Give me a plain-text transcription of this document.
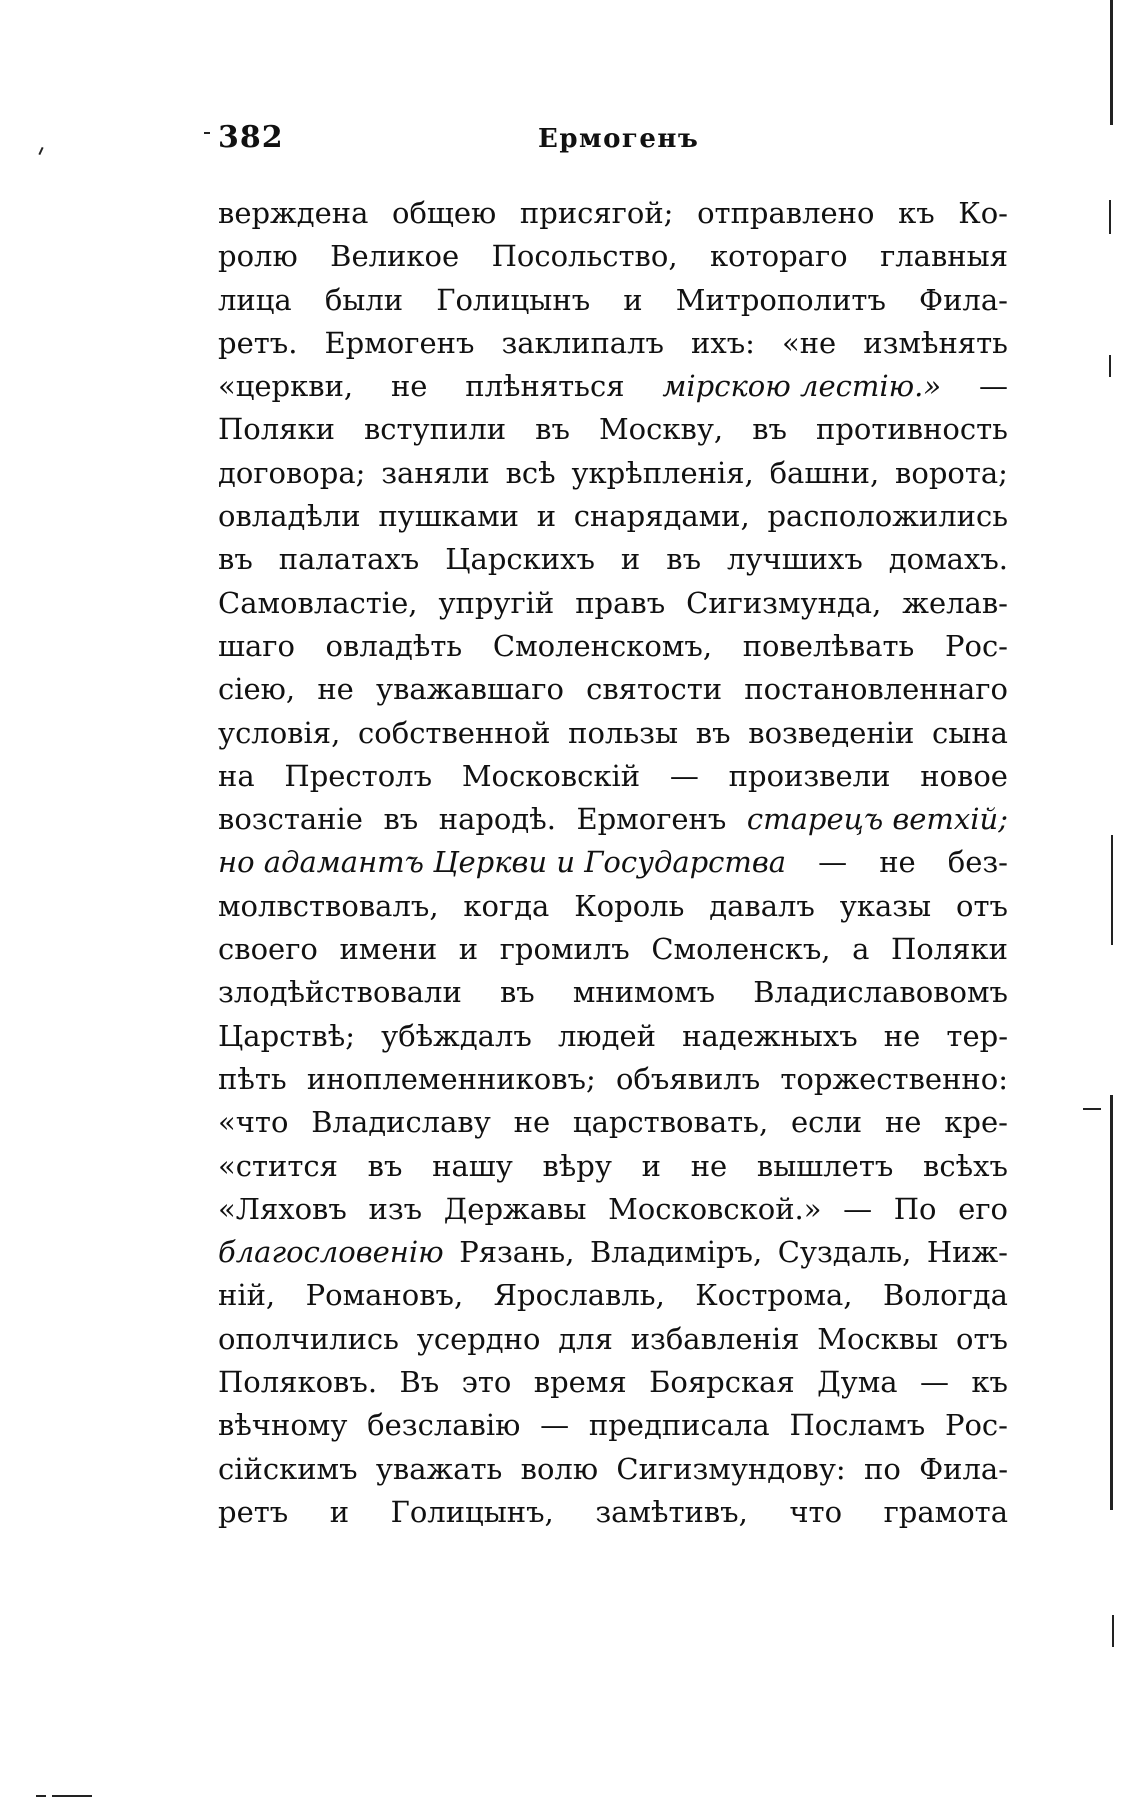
382	Ермогенъ
вержденa общею присягой; отправлено къ Ко-
ролю Великое Посольство, котораго главныя
лица были Голицынъ и Митрополитъ Фила-
ретъ. Ермогенъ заклипалъ ихъ: «не измѣнять
«церкви, не плѣняться мірскою лестію.» —
Поляки вступили въ Москву, въ противность
договора; заняли всѣ укрѣпленія, башни, ворота;
овладѣли пушками и снарядами, расположились
въ палатахъ Царскихъ и въ лучшихъ домахъ.
Самовластіе, упругій правъ Сигизмунда, желав-
шаго овладѣть Смоленскомъ, повелѣвать Рос-
сіею, не уважавшаго святости постановленнаго
условія, собственной пользы въ возведеніи сына
на Престолъ Московскій — произвели новое
возстаніе въ народѣ. Ермогенъ старецъ ветхій;
но адамантъ Церкви и Государства — не без-
молвствовалъ, когда Король давалъ указы отъ
своего имени и громилъ Смоленскъ, а Поляки
злодѣйствовали въ мнимомъ Владиславовомъ
Царствѣ; убѣждалъ людей надежныхъ не тер-
пѣть иноплеменниковъ; объявилъ торжественно:
«что Владиславу не царствовать, если не кре-
«стится въ нашу вѣру и не вышлетъ всѣхъ
«Ляховъ изъ Державы Московской.» — По его
благословенію Рязань, Владиміръ, Суздаль, Ниж-
ній, Романовъ, Ярославль, Кострома, Вологда
ополчились усердно для избавленія Москвы отъ
Поляковъ. Въ это время Боярская Дума — къ
вѣчному безславію — предписала Посламъ Рос-
сійскимъ уважать волю Сигизмундову: по Фила-
ретъ и Голицынъ, замѣтивъ, что грамота
